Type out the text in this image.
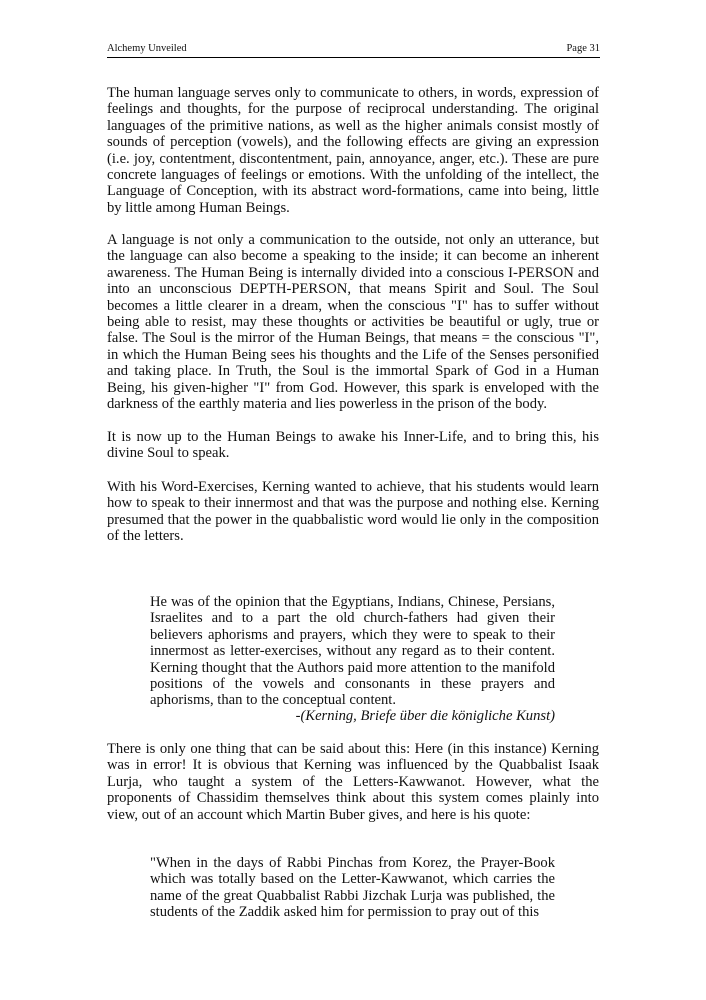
Alchemy Unveiled	Page 31

The human language serves only to communicate to others, in words, expression of feelings and thoughts, for the purpose of reciprocal understanding. The original languages of the primitive nations, as well as the higher animals consist mostly of sounds of perception (vowels), and the following effects are giving an expression (i.e. joy, contentment, discontentment, pain, annoyance, anger, etc.). These are pure concrete languages of feelings or emotions. With the unfolding of the intellect, the Language of Conception, with its abstract word-formations, came into being, little by little among Human Beings.

A language is not only a communication to the outside, not only an utterance, but the language can also become a speaking to the inside; it can become an inherent awareness. The Human Being is internally divided into a conscious I-PERSON and into an unconscious DEPTH-PERSON, that means Spirit and Soul. The Soul becomes a little clearer in a dream, when the conscious "I" has to suffer without being able to resist, may these thoughts or activities be beautiful or ugly, true or false. The Soul is the mirror of the Human Beings, that means = the conscious "I", in which the Human Being sees his thoughts and the Life of the Senses personified and taking place. In Truth, the Soul is the immortal Spark of God in a Human Being, his given-higher "I" from God. However, this spark is enveloped with the darkness of the earthly materia and lies powerless in the prison of the body.

It is now up to the Human Beings to awake his Inner-Life, and to bring this, his divine Soul to speak.

With his Word-Exercises, Kerning wanted to achieve, that his students would learn how to speak to their innermost and that was the purpose and nothing else. Kerning presumed that the power in the quabbalistic word would lie only in the composition of the letters.

He was of the opinion that the Egyptians, Indians, Chinese, Persians, Israelites and to a part the old church-fathers had given their believers aphorisms and prayers, which they were to speak to their innermost as letter-exercises, without any regard as to their content. Kerning thought that the Authors paid more attention to the manifold positions of the vowels and consonants in these prayers and aphorisms, than to the conceptual content.

-(Kerning, Briefe über die königliche Kunst)

There is only one thing that can be said about this: Here (in this instance) Kerning was in error! It is obvious that Kerning was influenced by the Quabbalist Isaak Lurja, who taught a system of the Letters-Kawwanot. However, what the proponents of Chassidim themselves think about this system comes plainly into view, out of an account which Martin Buber gives, and here is his quote:

"When in the days of Rabbi Pinchas from Korez, the Prayer-Book which was totally based on the Letter-Kawwanot, which carries the name of the great Quabbalist Rabbi Jizchak Lurja was published, the students of the Zaddik asked him for permission to pray out of this
